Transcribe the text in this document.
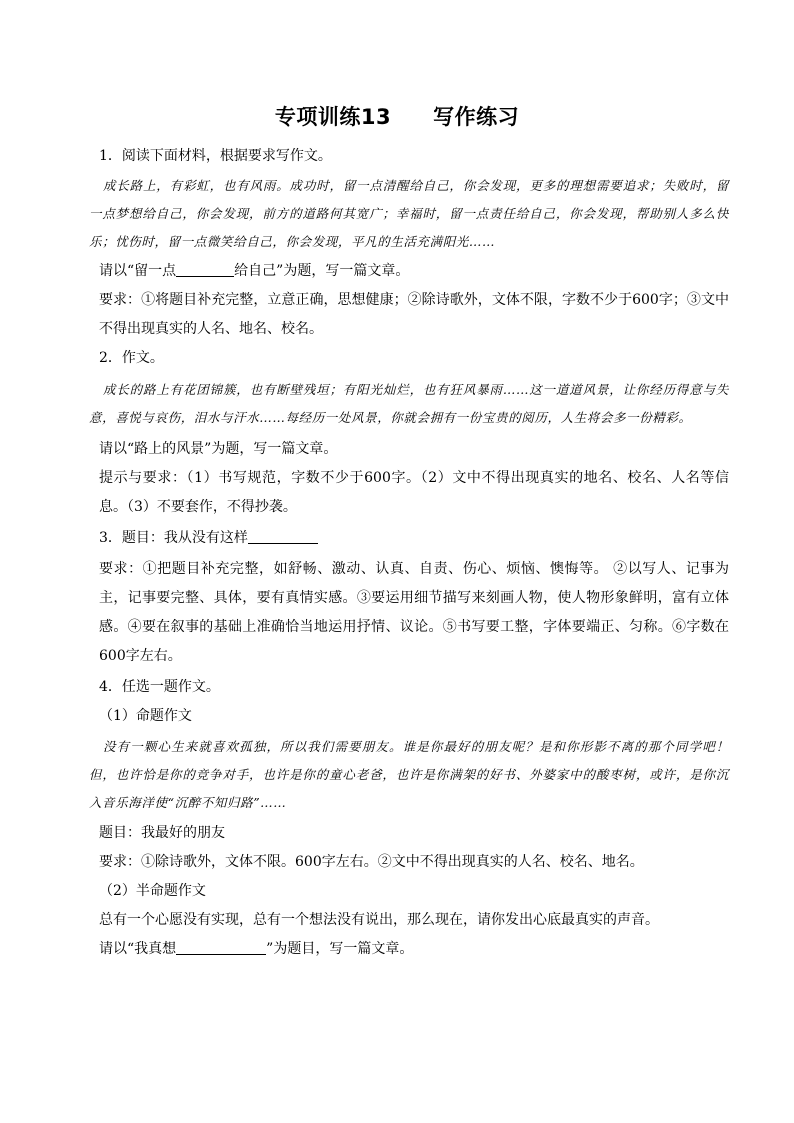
专项训练13 写作练习

1．阅读下面材料，根据要求写作文。

成长路上，有彩虹，也有风雨。成功时，留一点清醒给自己，你会发现，更多的理想需要追求；失败时，留一点梦想给自己，你会发现，前方的道路何其宽广；幸福时，留一点责任给自己，你会发现，帮助别人多么快乐；忧伤时，留一点微笑给自己，你会发现，平凡的生活充满阳光……

请以“留一点	给自己”为题，写一篇文章。

要求：①将题目补充完整，立意正确，思想健康；②除诗歌外，文体不限，字数不少于600字；③文中不得出现真实的人名、地名、校名。

2．作文。

成长的路上有花团锦簇，也有断壁残垣；有阳光灿烂，也有狂风暴雨……这一道道风景，让你经历得意与失意，喜悦与哀伤，泪水与汗水……每经历一处风景，你就会拥有一份宝贵的阅历，人生将会多一份精彩。

请以“路上的风景”为题，写一篇文章。

提示与要求：（1）书写规范，字数不少于600字。（2）文中不得出现真实的地名、校名、人名等信息。（3）不要套作，不得抄袭。

3．题目：我从没有这样

要求：①把题目补充完整，如舒畅、激动、认真、自责、伤心、烦恼、懊悔等。 ②以写人、记事为主，记事要完整、具体，要有真情实感。③要运用细节描写来刻画人物，使人物形象鲜明，富有立体感。④要在叙事的基础上准确恰当地运用抒情、议论。⑤书写要工整，字体要端正、匀称。⑥字数在600字左右。

4．任选一题作文。

（1）命题作文

没有一颗心生来就喜欢孤独，所以我们需要朋友。谁是你最好的朋友呢？是和你形影不离的那个同学吧！但，也许恰是你的竞争对手，也许是你的童心老爸，也许是你满架的好书、外婆家中的酸枣树，或许，是你沉入音乐海洋使“沉醉不知归路”……

题目：我最好的朋友

要求：①除诗歌外，文体不限。600字左右。②文中不得出现真实的人名、校名、地名。

（2）半命题作文

总有一个心愿没有实现，总有一个想法没有说出，那么现在，请你发出心底最真实的声音。

请以“我真想	”为题目，写一篇文章。
